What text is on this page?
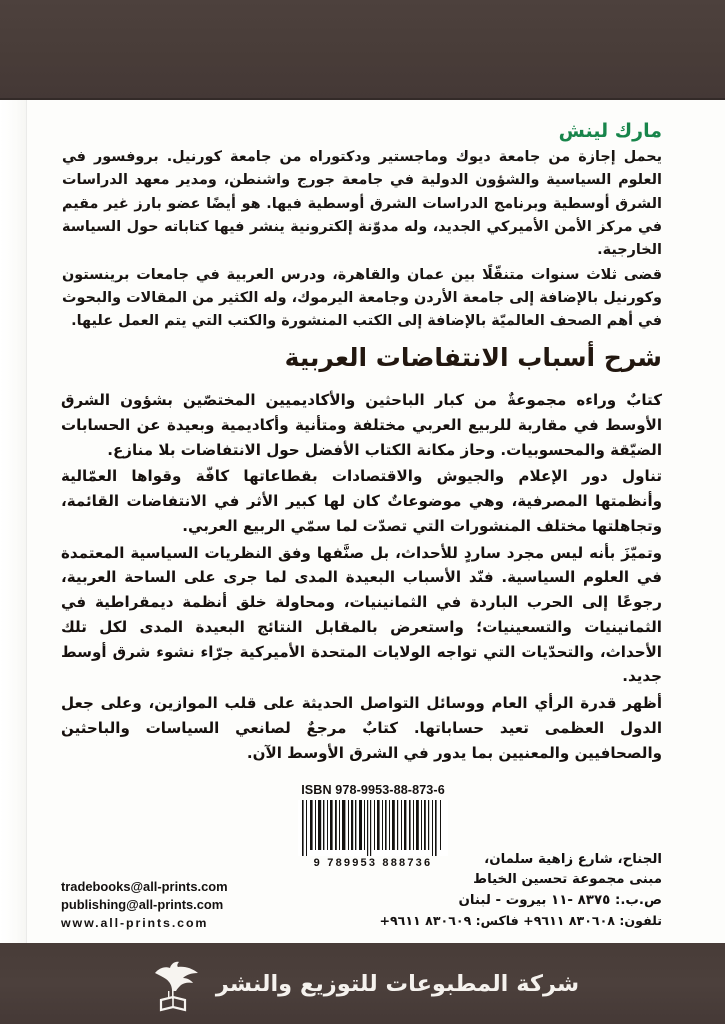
مارك لينش

يحمل إجازة من جامعة ديوك وماجستير ودكتوراه من جامعة كورنيل. بروفسور في العلوم السياسية والشؤون الدولية في جامعة جورج واشنطن، ومدير معهد الدراسات الشرق أوسطية وبرنامج الدراسات الشرق أوسطية فيها. هو أيضًا عضو بارز غير مقيم في مركز الأمن الأميركي الجديد، وله مدوّنة إلكترونية ينشر فيها كتاباته حول السياسة الخارجية.

قضى ثلاث سنوات متنقّلًا بين عمان والقاهرة، ودرس العربية في جامعات برينستون وكورنيل بالإضافة إلى جامعة الأردن وجامعة اليرموك، وله الكثير من المقالات والبحوث في أهم الصحف العالميّة بالإضافة إلى الكتب المنشورة والكتب التي يتم العمل عليها.

شرح أسباب الانتفاضات العربية

كتابٌ وراءه مجموعةٌ من كبار الباحثين والأكاديميين المختصّين بشؤون الشرق الأوسط في مقاربة للربيع العربي مختلفة ومتأنية وأكاديمية وبعيدة عن الحسابات الضيّقة والمحسوبيات. وحاز مكانة الكتاب الأفضل حول الانتفاضات بلا منازع.

تناول دور الإعلام والجيوش والاقتصادات بقطاعاتها كافّة وقواها العمّالية وأنظمتها المصرفية، وهي موضوعاتٌ كان لها كبير الأثر في الانتفاضات القائمة، وتجاهلتها مختلف المنشورات التي تصدّت لما سمّي الربيع العربي.

وتميّزَ بأنه ليس مجرد ساردٍ للأحداث، بل صنَّفها وفق النظريات السياسية المعتمدة في العلوم السياسية. فنّد الأسباب البعيدة المدى لما جرى على الساحة العربية، رجوعًا إلى الحرب الباردة في الثمانينيات، ومحاولة خلق أنظمة ديمقراطية في الثمانينيات والتسعينيات؛ واستعرض بالمقابل النتائج البعيدة المدى لكل تلك الأحداث، والتحدّيات التي تواجه الولايات المتحدة الأميركية جرّاء نشوء شرق أوسط جديد.

أظهر قدرة الرأي العام ووسائل التواصل الحديثة على قلب الموازين، وعلى جعل الدول العظمى تعيد حساباتها. كتابٌ مرجعٌ لصانعي السياسات والباحثين والصحافيين والمعنيين بما يدور في الشرق الأوسط الآن.

ISBN 978-9953-88-873-6
9 789953 888736
tradebooks@all-prints.com
publishing@all-prints.com
www.all-prints.com
الجناح، شارع زاهية سلمان،
مبنى مجموعة تحسين الخياط
ص.ب.: ٨٣٧٥ -١١ بيروت - لبنان
تلفون: ٨٣٠٦٠٨ ٩٦١١+ فاكس: ٨٣٠٦٠٩ ٩٦١١+
شركة المطبوعات للتوزيع والنشر
